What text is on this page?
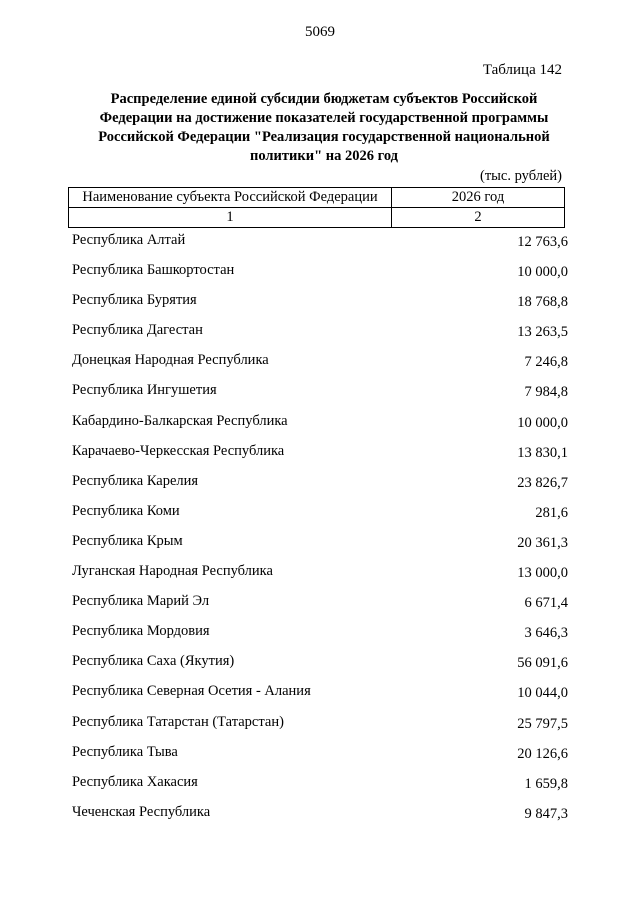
5069
Таблица 142
Распределение единой субсидии бюджетам субъектов Российской
Федерации на достижение показателей государственной программы
Российской Федерации "Реализация государственной национальной
политики" на 2026 год
(тыс. рублей)
Наименование субъекта Российской Федерации	2026 год
1	2
Республика Алтай	12 763,6
Республика Башкортостан	10 000,0
Республика Бурятия	18 768,8
Республика Дагестан	13 263,5
Донецкая Народная Республика	7 246,8
Республика Ингушетия	7 984,8
Кабардино-Балкарская Республика	10 000,0
Карачаево-Черкесская Республика	13 830,1
Республика Карелия	23 826,7
Республика Коми	281,6
Республика Крым	20 361,3
Луганская Народная Республика	13 000,0
Республика Марий Эл	6 671,4
Республика Мордовия	3 646,3
Республика Саха (Якутия)	56 091,6
Республика Северная Осетия - Алания	10 044,0
Республика Татарстан (Татарстан)	25 797,5
Республика Тыва	20 126,6
Республика Хакасия	1 659,8
Чеченская Республика	9 847,3
